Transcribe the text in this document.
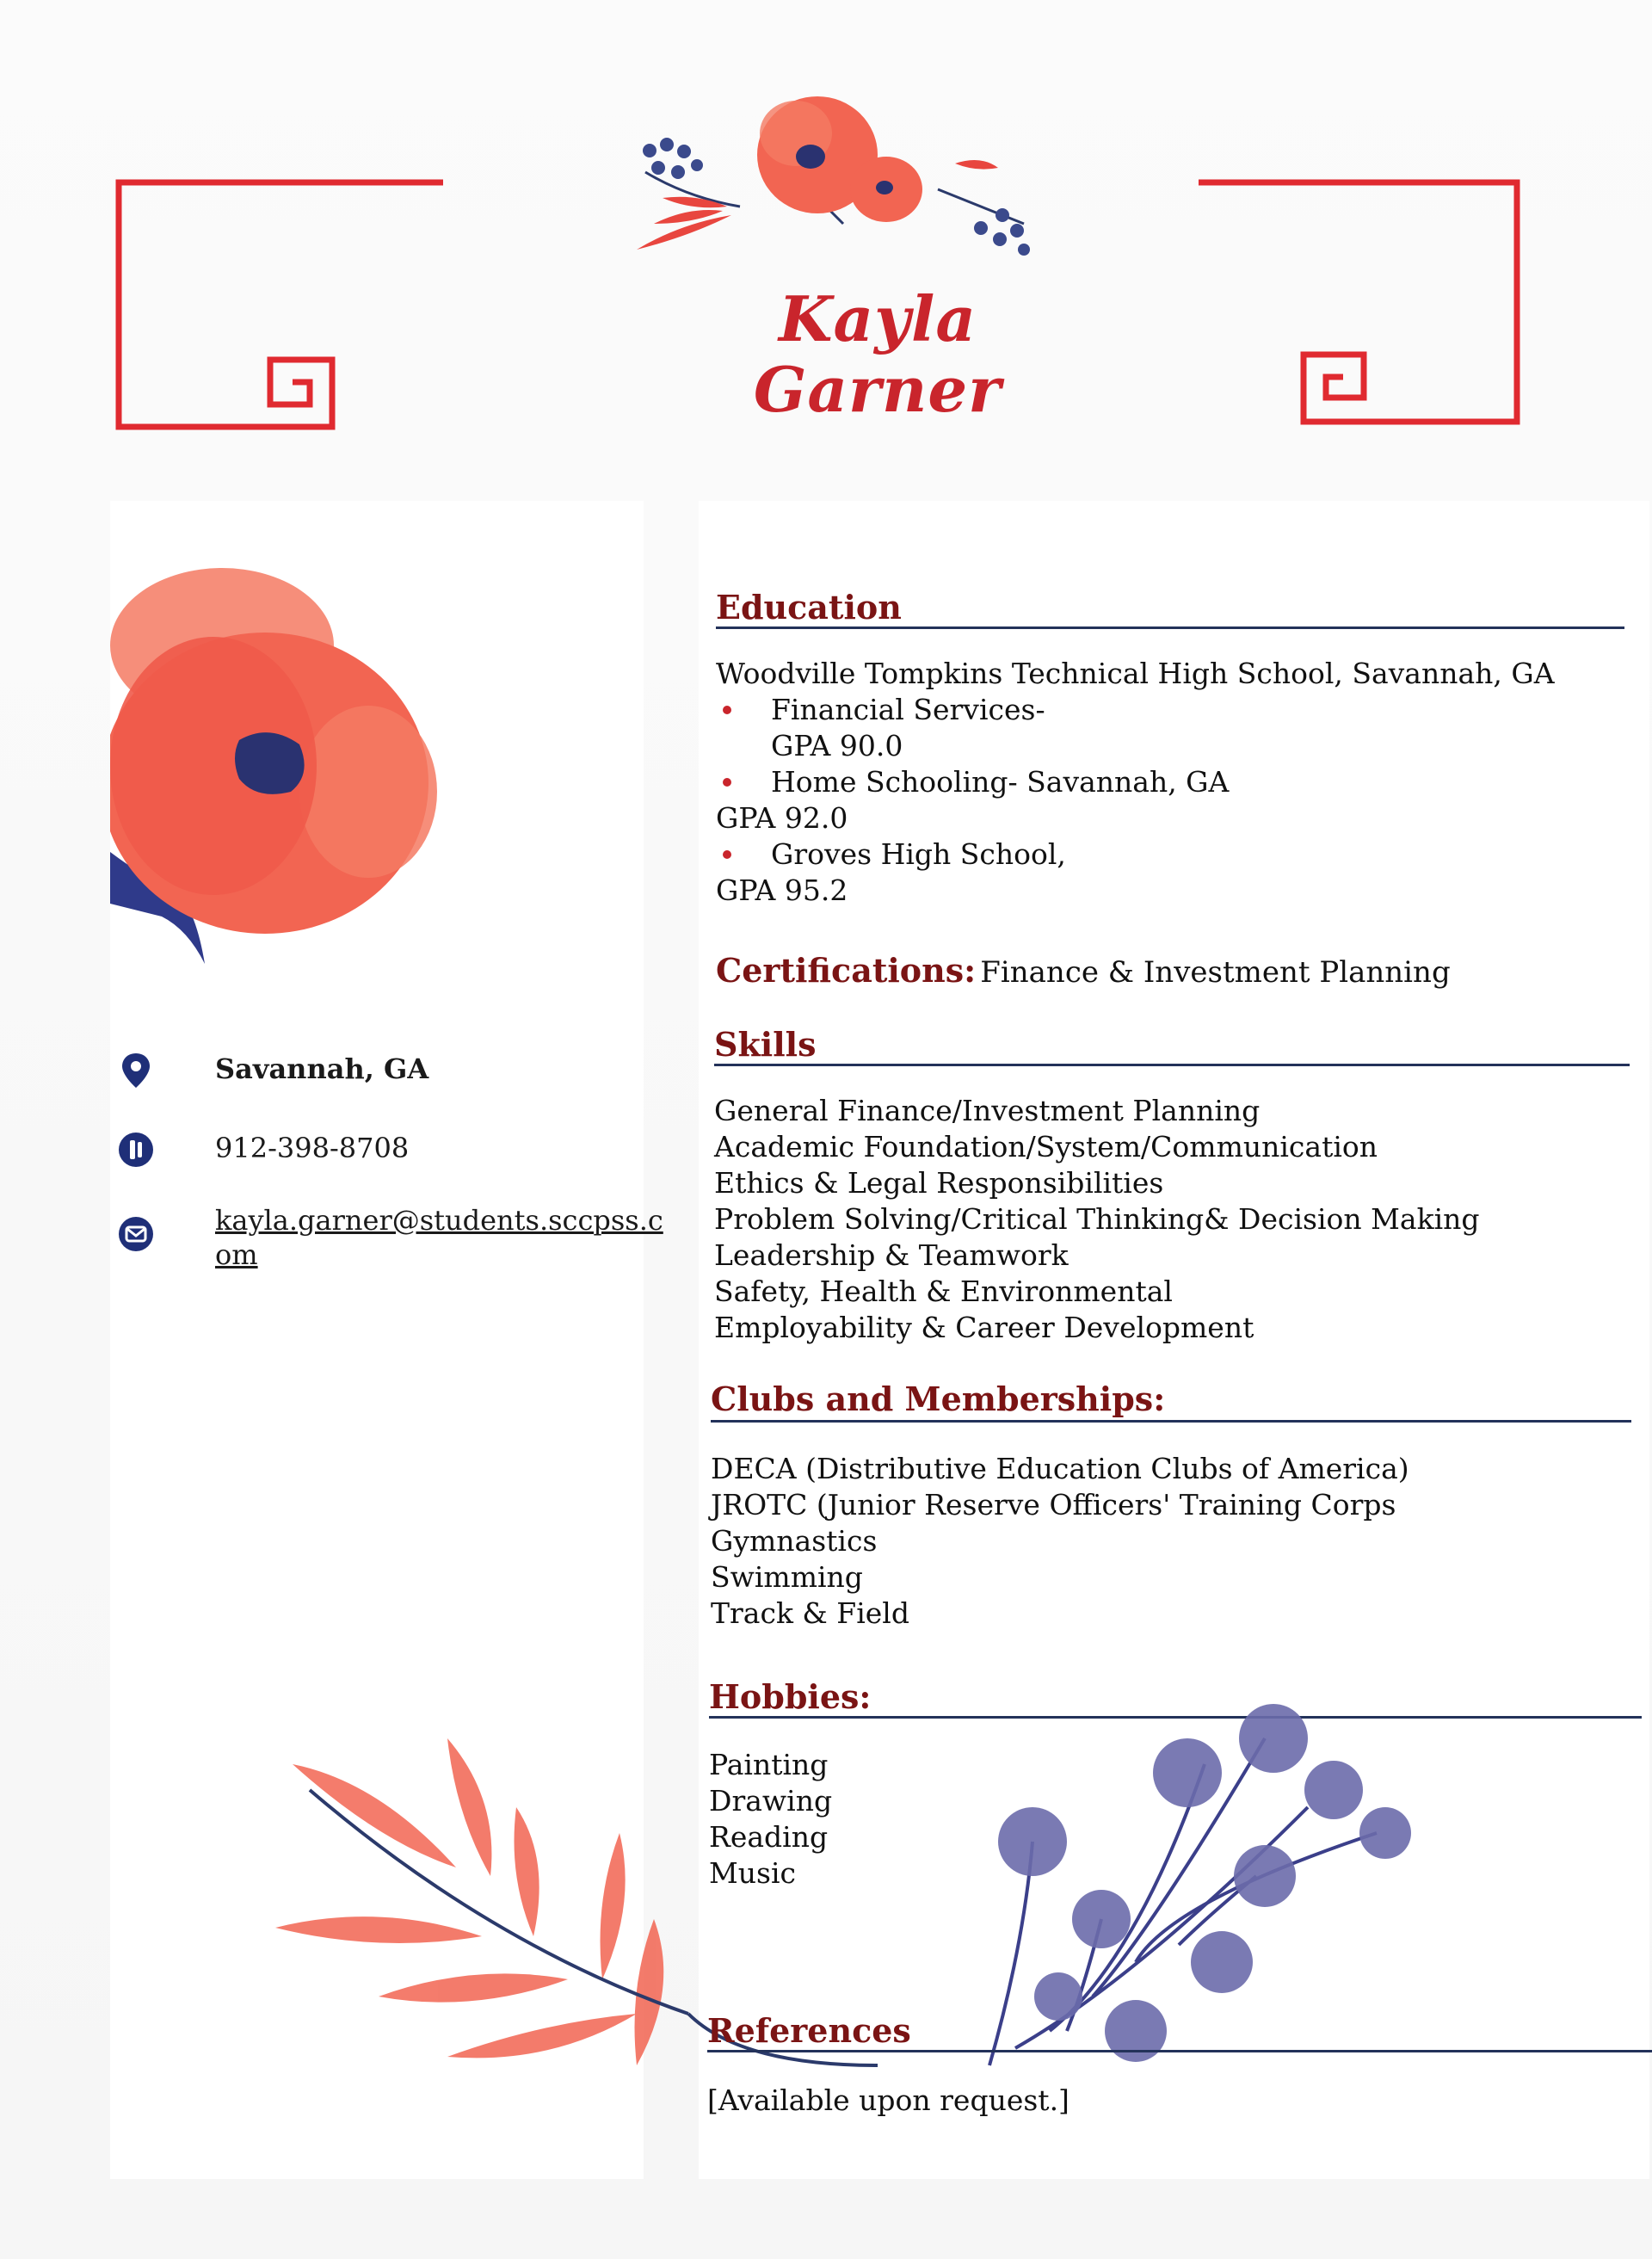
Kayla
Garner
Savannah, GA
912-398-8708
kayla.garner@students.sccpss.com
Education
Woodville Tompkins Technical High School, Savannah, GA
Financial Services-
GPA 90.0
Home Schooling- Savannah, GA
GPA 92.0
Groves High School,
GPA 95.2
Certifications: Finance & Investment Planning
Skills
General Finance/Investment Planning
Academic Foundation/System/Communication
Ethics & Legal Responsibilities
Problem Solving/Critical Thinking& Decision Making
Leadership & Teamwork
Safety, Health & Environmental
Employability & Career Development
Clubs and Memberships:
DECA (Distributive Education Clubs of America)
JROTC (Junior Reserve Officers' Training Corps
Gymnastics
Swimming
Track & Field
Hobbies:
Painting
Drawing
Reading
Music
References
[Available upon request.]
